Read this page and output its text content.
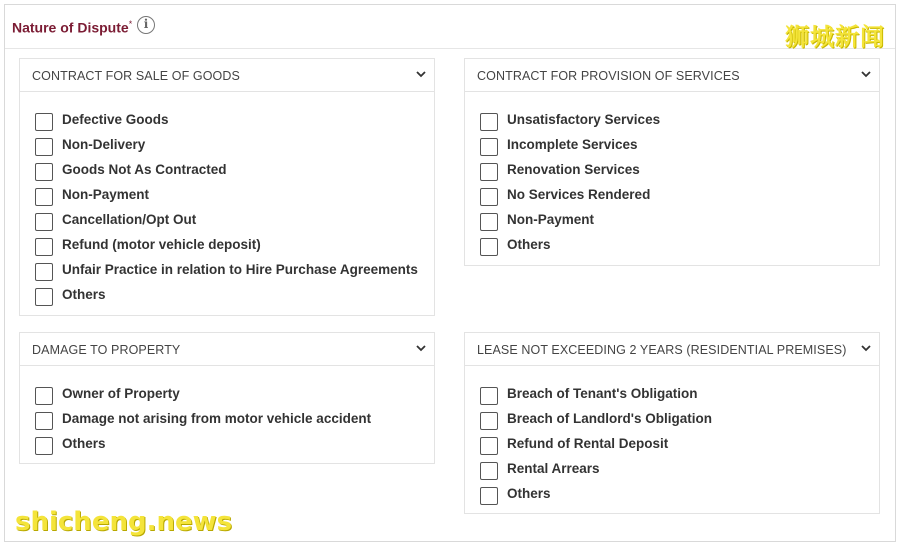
Nature of Dispute* i	狮城新闻
CONTRACT FOR SALE OF GOODS
Defective Goods
Non-Delivery
Goods Not As Contracted
Non-Payment
Cancellation/Opt Out
Refund (motor vehicle deposit)
Unfair Practice in relation to Hire Purchase Agreements
Others
CONTRACT FOR PROVISION OF SERVICES
Unsatisfactory Services
Incomplete Services
Renovation Services
No Services Rendered
Non-Payment
Others
DAMAGE TO PROPERTY
Owner of Property
Damage not arising from motor vehicle accident
Others
LEASE NOT EXCEEDING 2 YEARS (RESIDENTIAL PREMISES)
Breach of Tenant's Obligation
Breach of Landlord's Obligation
Refund of Rental Deposit
Rental Arrears
Others
shicheng.news
